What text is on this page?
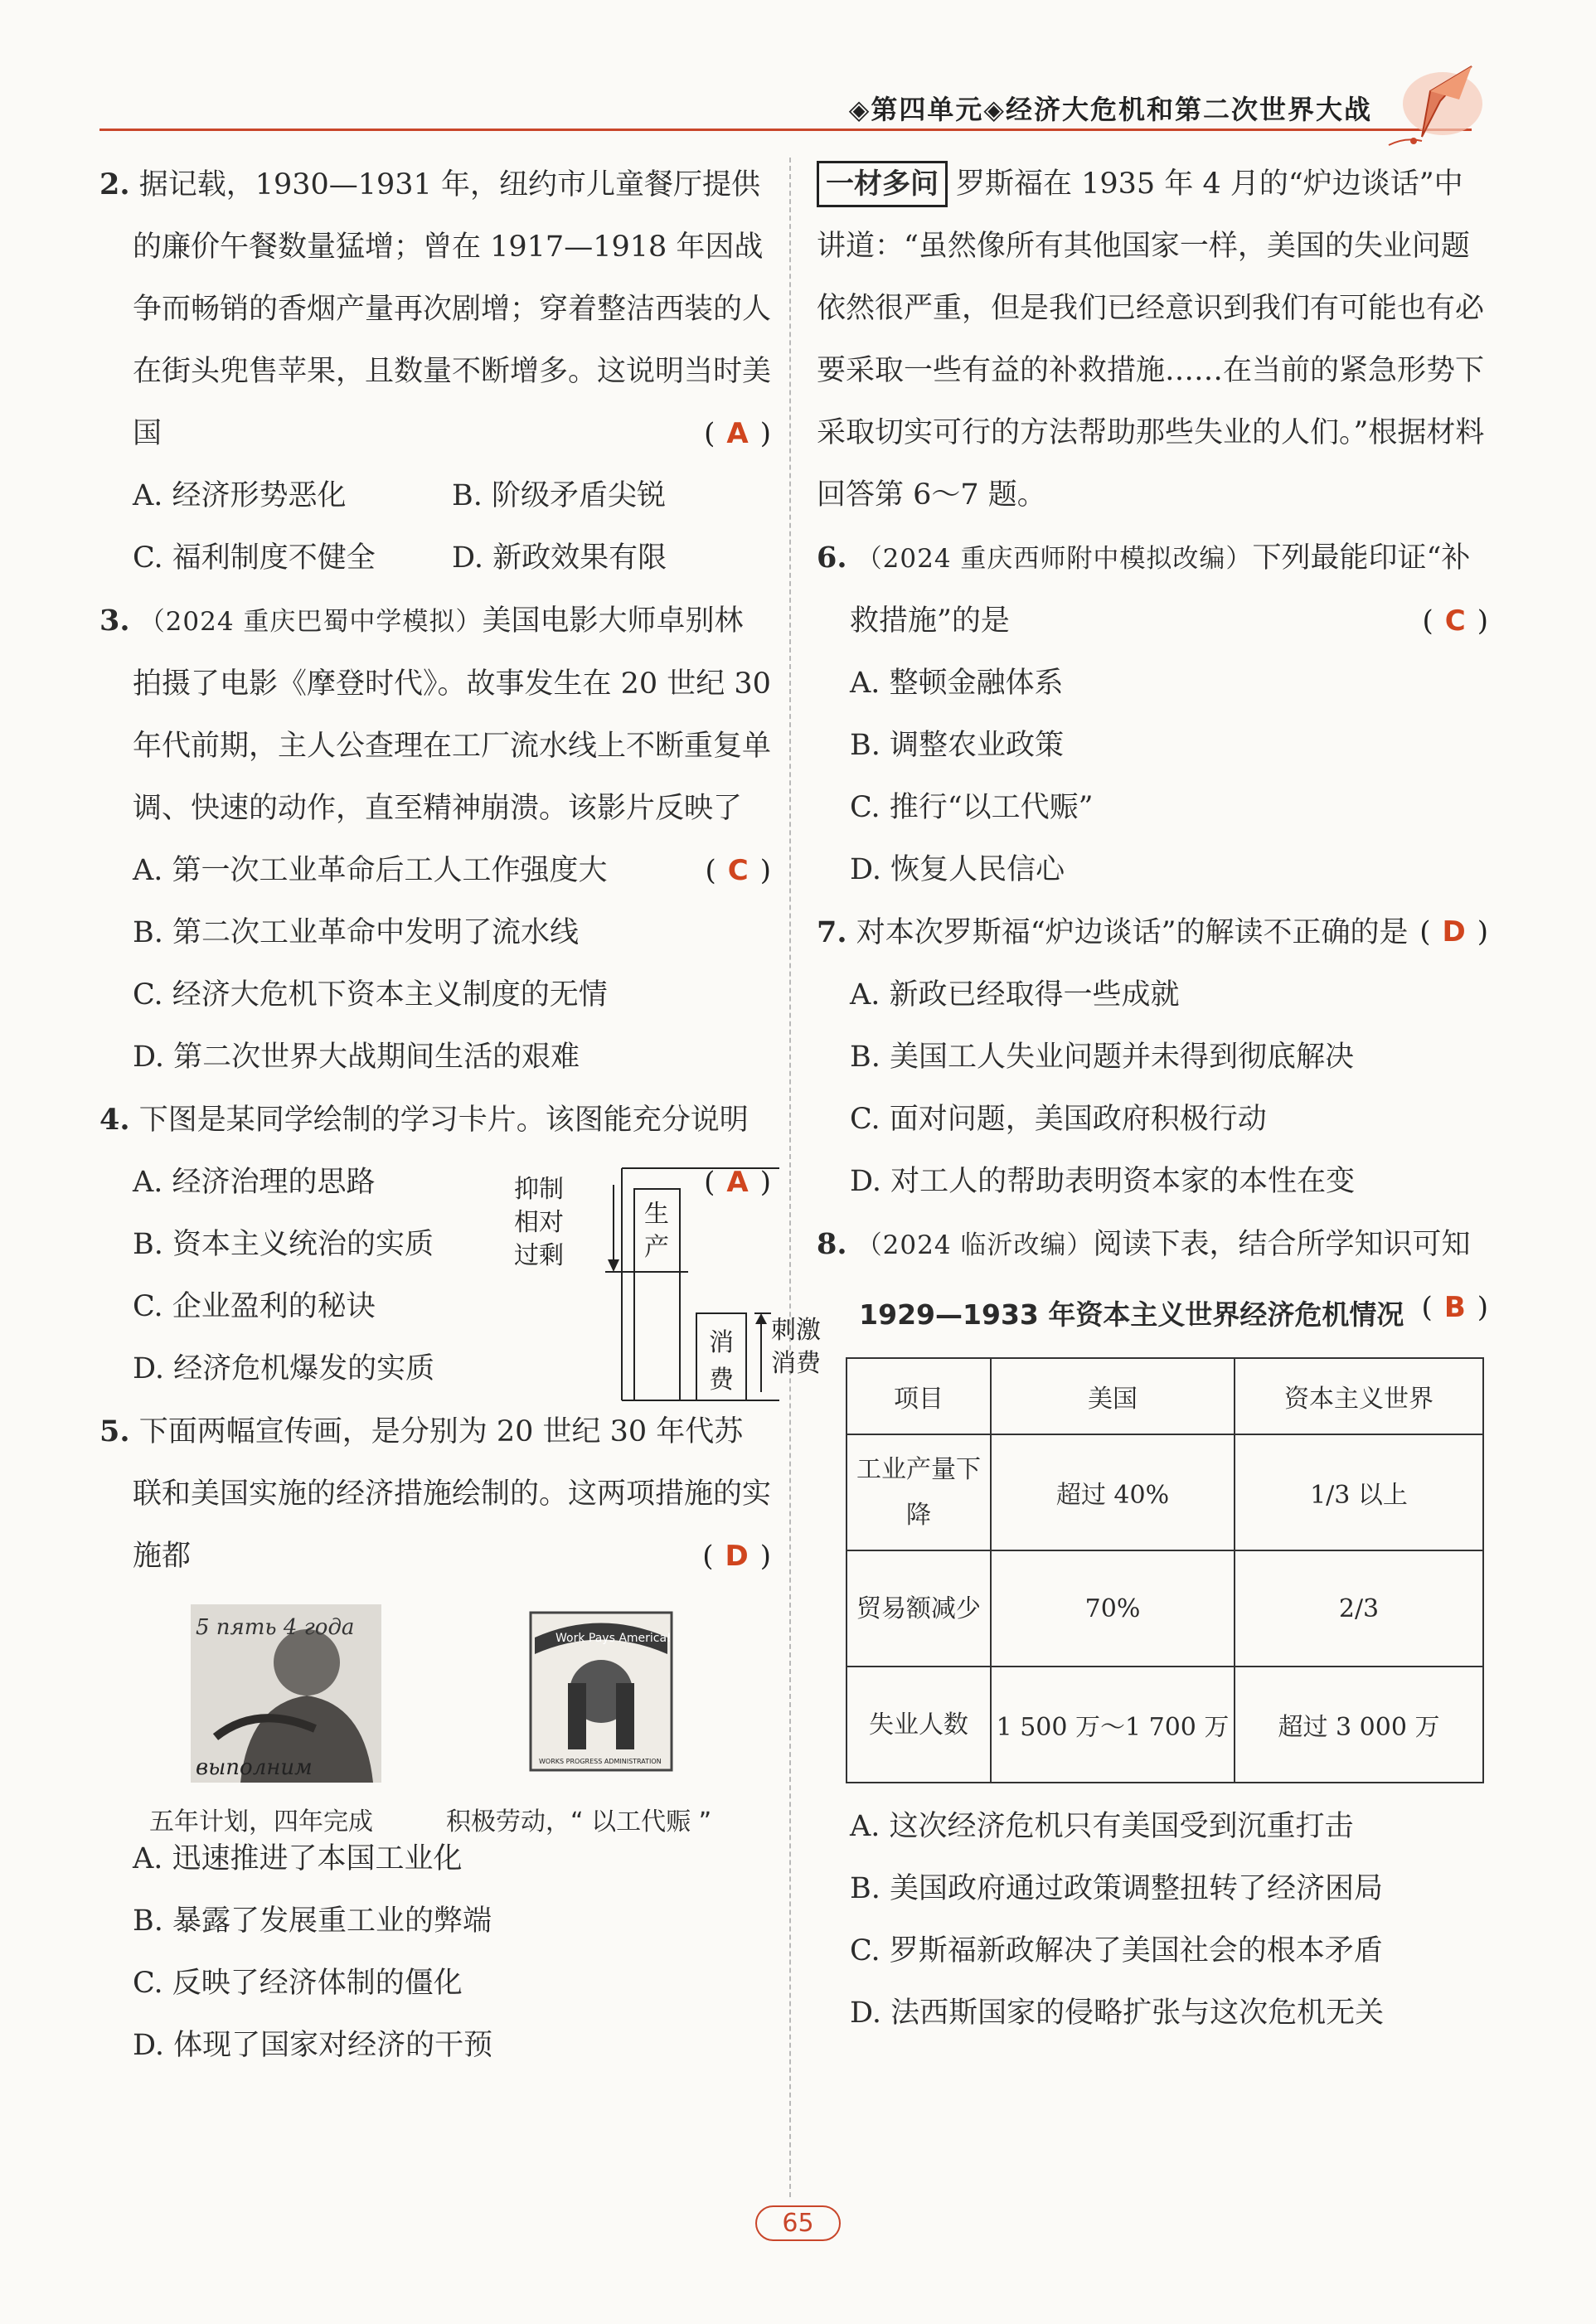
◈第四单元◈经济大危机和第二次世界大战
2. 据记载，1930—1931 年，纽约市儿童餐厅提供的廉价午餐数量猛增；曾在 1917—1918 年因战争而畅销的香烟产量再次剧增；穿着整洁西装的人在街头兜售苹果，且数量不断增多。这说明当时美国	( A )
A. 经济形势恶化	B. 阶级矛盾尖锐
C. 福利制度不健全	D. 新政效果有限
3. （2024 重庆巴蜀中学模拟）美国电影大师卓别林拍摄了电影《摩登时代》。故事发生在 20 世纪 30 年代前期，主人公查理在工厂流水线上不断重复单调、快速的动作，直至精神崩溃。该影片反映了
( C )
A. 第一次工业革命后工人工作强度大
B. 第二次工业革命中发明了流水线
C. 经济大危机下资本主义制度的无情
D. 第二次世界大战期间生活的艰难
4. 下图是某同学绘制的学习卡片。该图能充分说明
( A )
A. 经济治理的思路
B. 资本主义统治的实质
C. 企业盈利的秘诀
D. 经济危机爆发的实质
抑制
相对
过剩
生
产
消
费
刺激
消费
5. 下面两幅宣传画，是分别为 20 世纪 30 年代苏联和美国实施的经济措施绘制的。这两项措施的实施都	( D )
5 пять 4 года
выполним
Work Pays America!
WORKS PROGRESS ADMINISTRATION
五年计划，四年完成	积极劳动，“ 以工代赈 ”
A. 迅速推进了本国工业化
B. 暴露了发展重工业的弊端
C. 反映了经济体制的僵化
D. 体现了国家对经济的干预
一材多问 罗斯福在 1935 年 4 月的“炉边谈话”中讲道：“虽然像所有其他国家一样，美国的失业问题依然很严重，但是我们已经意识到我们有可能也有必要采取一些有益的补救措施……在当前的紧急形势下采取切实可行的方法帮助那些失业的人们。”根据材料回答第 6～7 题。
6. （2024 重庆西师附中模拟改编）下列最能印证“补救措施”的是	( C )
A. 整顿金融体系
B. 调整农业政策
C. 推行“以工代赈”
D. 恢复人民信心
7. 对本次罗斯福“炉边谈话”的解读不正确的是 ( D )
A. 新政已经取得一些成就
B. 美国工人失业问题并未得到彻底解决
C. 面对问题，美国政府积极行动
D. 对工人的帮助表明资本家的本性在变
8. （2024 临沂改编）阅读下表，结合所学知识可知
( B )
1929—1933 年资本主义世界经济危机情况
项目	美国	资本主义世界
工业产量下降	超过 40%	1/3 以上
贸易额减少	70%	2/3
失业人数	1 500 万～1 700 万	超过 3 000 万
A. 这次经济危机只有美国受到沉重打击
B. 美国政府通过政策调整扭转了经济困局
C. 罗斯福新政解决了美国社会的根本矛盾
D. 法西斯国家的侵略扩张与这次危机无关
65
